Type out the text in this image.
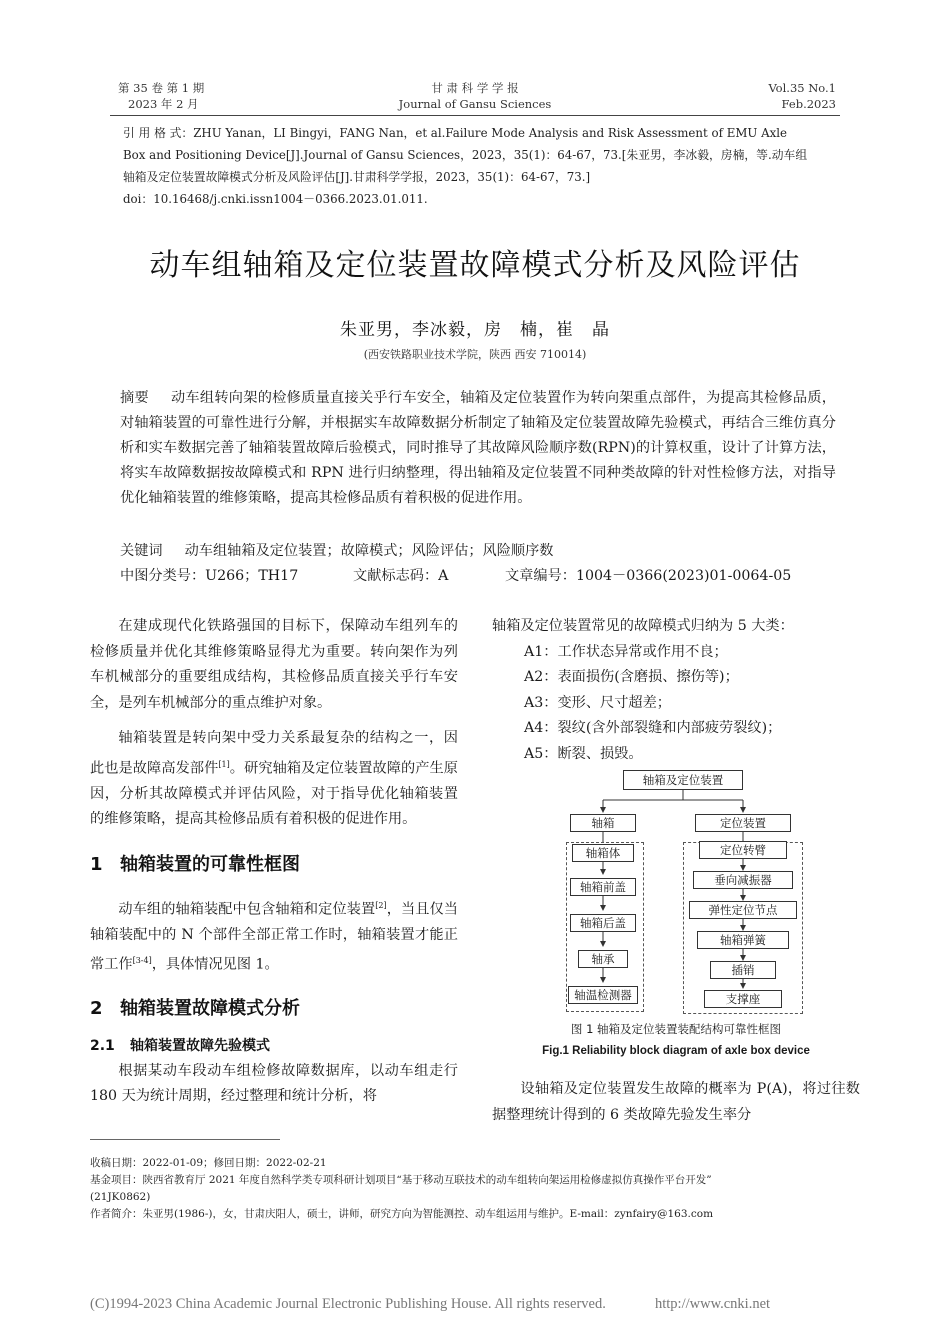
第 35 卷 第 1 期
2023 年 2 月
甘 肃 科 学 学 报
Journal of Gansu Sciences
Vol.35 No.1
Feb.2023
引 用 格 式：ZHU Yanan，LI Bingyi，FANG Nan，et al.Failure Mode Analysis and Risk Assessment of EMU Axle
Box and Positioning Device[J].Journal of Gansu Sciences，2023，35(1)：64-67，73.[朱亚男，李冰毅，房楠，等.动车组
轴箱及定位装置故障模式分析及风险评估[J].甘肃科学学报，2023，35(1)：64-67，73.]
doi：10.16468/j.cnki.issn1004－0366.2023.01.011.
动车组轴箱及定位装置故障模式分析及风险评估
朱亚男，李冰毅，房　楠，崔　晶
(西安铁路职业技术学院，陕西 西安 710014)
摘要 动车组转向架的检修质量直接关乎行车安全，轴箱及定位装置作为转向架重点部件，为提高其检修品质，对轴箱装置的可靠性进行分解，并根据实车故障数据分析制定了轴箱及定位装置故障先验模式，再结合三维仿真分析和实车数据完善了轴箱装置故障后验模式，同时推导了其故障风险顺序数(RPN)的计算权重，设计了计算方法，将实车故障数据按故障模式和 RPN 进行归纳整理，得出轴箱及定位装置不同种类故障的针对性检修方法，对指导优化轴箱装置的维修策略，提高其检修品质有着积极的促进作用。
关键词 动车组轴箱及定位装置；故障模式；风险评估；风险顺序数
中图分类号：U266；TH17	文献标志码：A	文章编号：1004－0366(2023)01-0064-05

在建成现代化铁路强国的目标下，保障动车组列车的检修质量并优化其维修策略显得尤为重要。转向架作为列车机械部分的重要组成结构，其检修品质直接关乎行车安全，是列车机械部分的重点维护对象。

轴箱装置是转向架中受力关系最复杂的结构之一，因此也是故障高发部件[1]。研究轴箱及定位装置故障的产生原因，分析其故障模式并评估风险，对于指导优化轴箱装置的维修策略，提高其检修品质有着积极的促进作用。

1 轴箱装置的可靠性框图

动车组的轴箱装配中包含轴箱和定位装置[2]，当且仅当轴箱装配中的 N 个部件全部正常工作时，轴箱装置才能正常工作[3-4]，具体情况见图 1。

2 轴箱装置故障模式分析
2.1 轴箱装置故障先验模式

根据某动车段动车组检修故障数据库，以动车组走行 180 天为统计周期，经过整理和统计分析，将

轴箱及定位装置常见的故障模式归纳为 5 大类：
A1：工作状态异常或作用不良；
A2：表面损伤(含磨损、擦伤等)；
A3：变形、尺寸超差；
A4：裂纹(含外部裂缝和内部疲劳裂纹)；
A5：断裂、损毁。
轴箱及定位装置
轴箱	定位装置
轴箱体
轴箱前盖
轴箱后盖
轴承
轴温检测器
定位转臂
垂向减振器
弹性定位节点
轴箱弹簧
插销
支撑座
图 1 轴箱及定位装置装配结构可靠性框图
Fig.1 Reliability block diagram of axle box device

设轴箱及定位装置发生故障的概率为 P(A)，将过往数据整理统计得到的 6 类故障先验发生率分

收稿日期：2022-01-09；修回日期：2022-02-21
基金项目：陕西省教育厅 2021 年度自然科学类专项科研计划项目“基于移动互联技术的动车组转向架运用检修虚拟仿真操作平台开发”
(21JK0862)
作者简介：朱亚男(1986-)，女，甘肃庆阳人，硕士，讲师，研究方向为智能测控、动车组运用与维护。E-mail：zynfairy@163.com
(C)1994-2023 China Academic Journal Electronic Publishing House. All rights reserved.	http://www.cnki.net
